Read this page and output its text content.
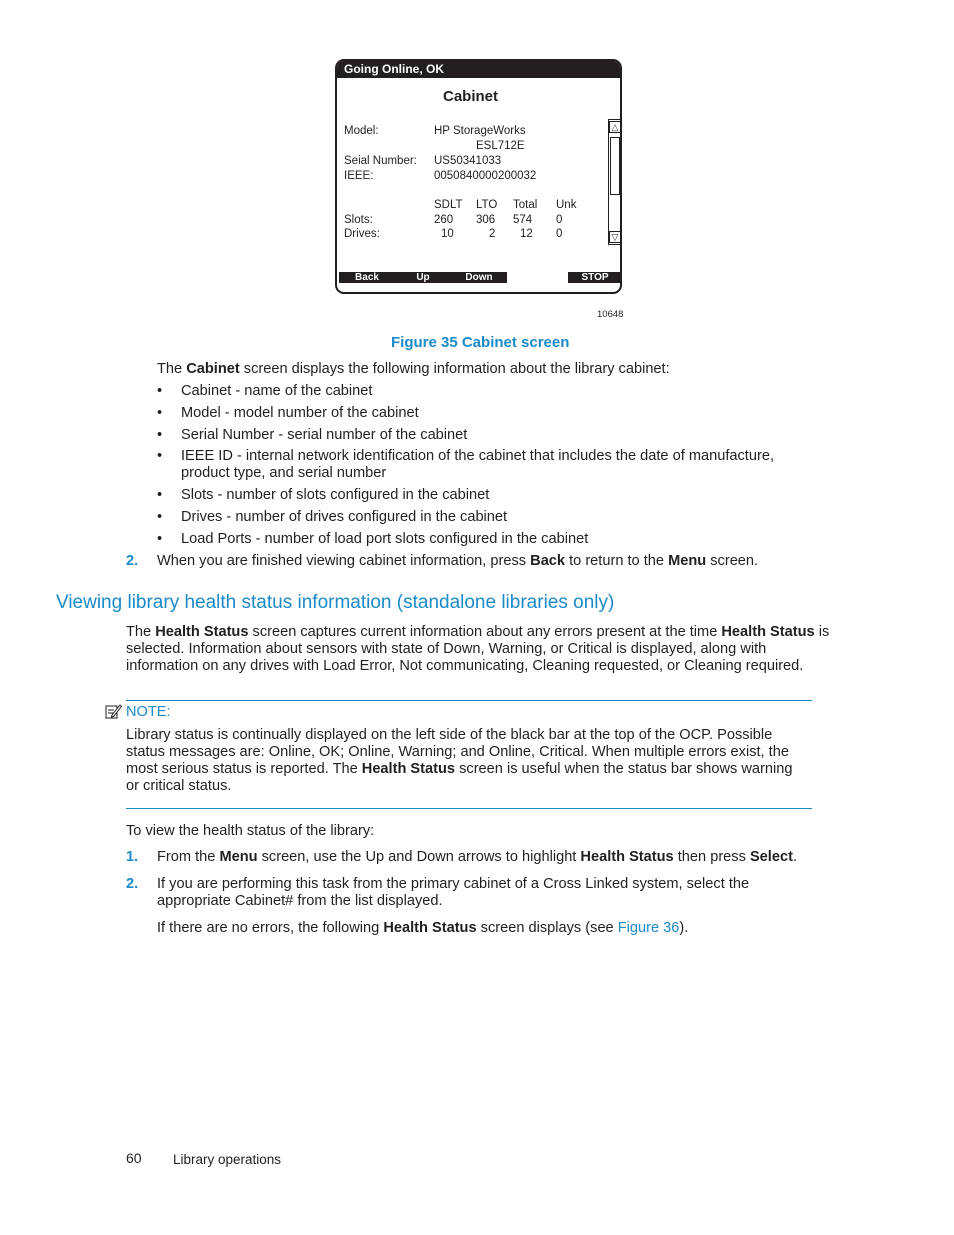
Going Online, OK
Cabinet
Model:	HP StorageWorks
ESL712E
Seial Number: US50341033
IEEE:	0050840000200032
SDLT LTO Total Unk
Slots:	260 306 574 0
Drives:	10	2 12 0
△
▽
Back	Up	Down	STOP
10648
Figure 35 Cabinet screen
The Cabinet screen displays the following information about the library cabinet:
• Cabinet - name of the cabinet
• Model - model number of the cabinet
• Serial Number - serial number of the cabinet
• IEEE ID - internal network identification of the cabinet that includes the date of manufacture,
product type, and serial number
• Slots - number of slots configured in the cabinet
• Drives - number of drives configured in the cabinet
• Load Ports - number of load port slots configured in the cabinet
2. When you are finished viewing cabinet information, press Back to return to the Menu screen.
Viewing library health status information (standalone libraries only)
The Health Status screen captures current information about any errors present at the time Health Status is
selected. Information about sensors with state of Down, Warning, or Critical is displayed, along with
information on any drives with Load Error, Not communicating, Cleaning requested, or Cleaning required.
NOTE:
Library status is continually displayed on the left side of the black bar at the top of the OCP. Possible
status messages are: Online, OK; Online, Warning; and Online, Critical. When multiple errors exist, the
most serious status is reported. The Health Status screen is useful when the status bar shows warning
or critical status.
To view the health status of the library:
1. From the Menu screen, use the Up and Down arrows to highlight Health Status then press Select.
2. If you are performing this task from the primary cabinet of a Cross Linked system, select the
appropriate Cabinet# from the list displayed.
If there are no errors, the following Health Status screen displays (see Figure 36).
60 Library operations
